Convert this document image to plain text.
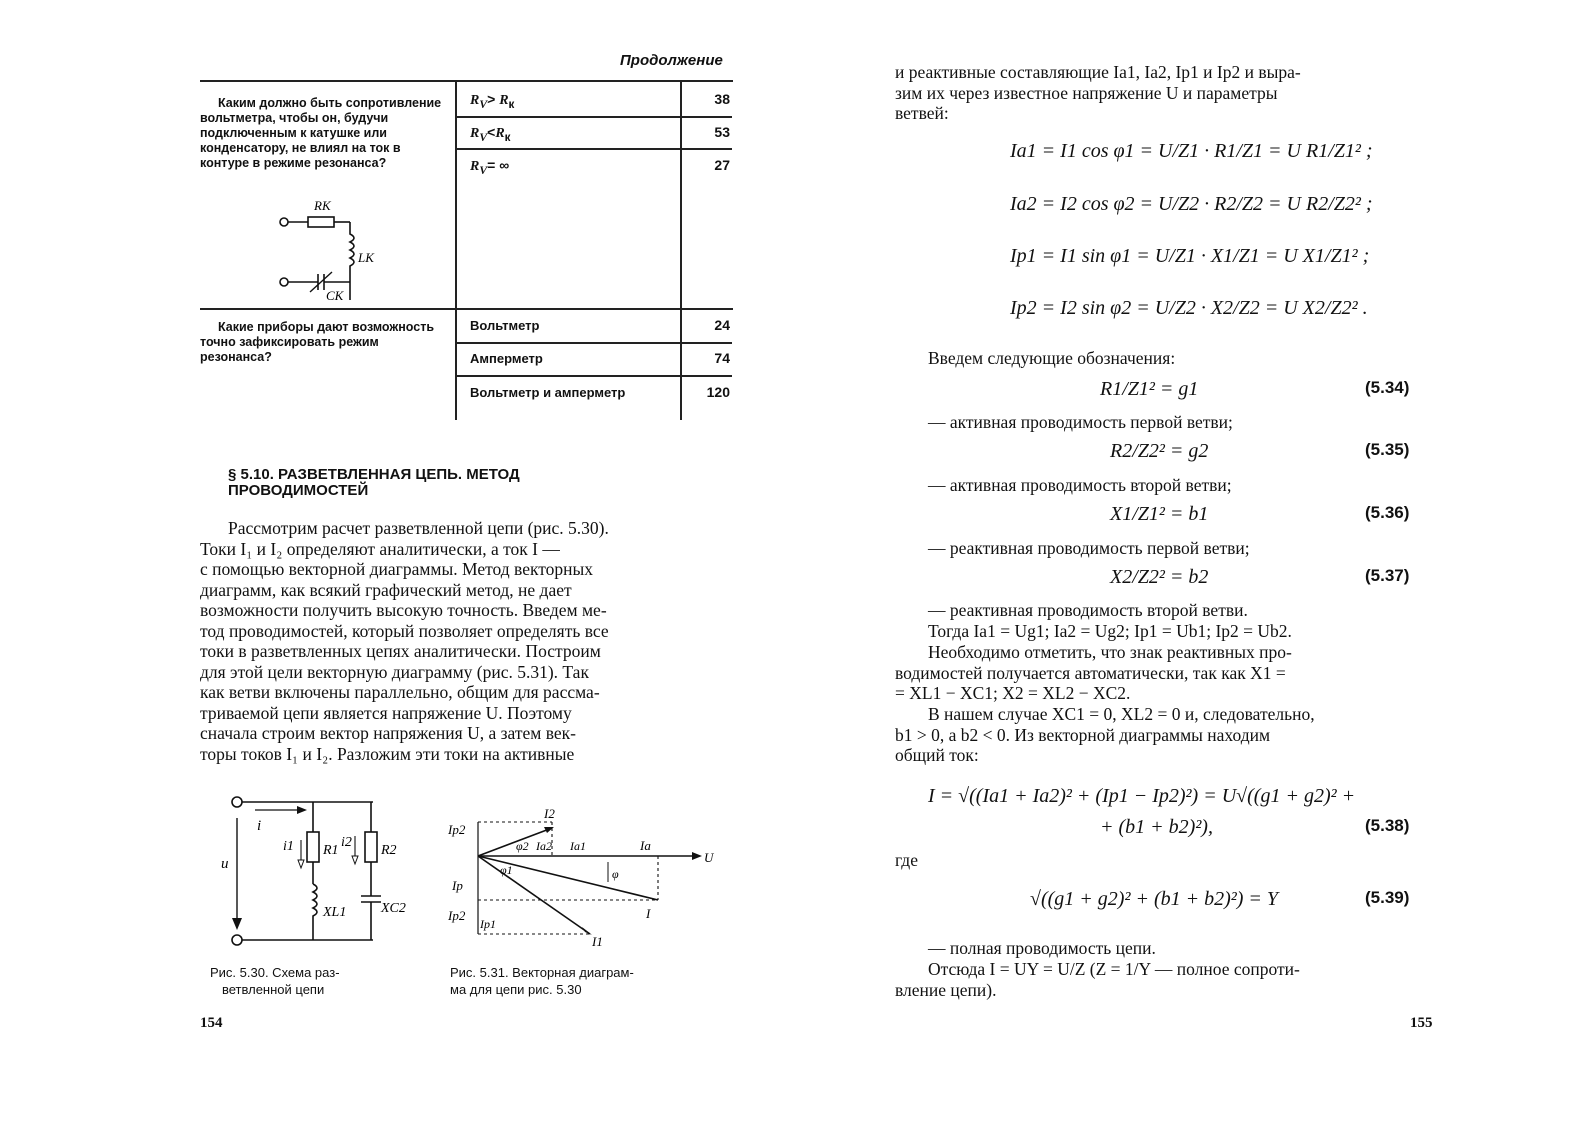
Продолжение
Каким должно быть сопротивление вольтметра, чтобы он, будучи подключенным к катушке или конденсатору, не влиял на ток в контуре в режиме резонанса?
$R_V> R_к$	38
$R_V<R_к$	53
$R_V=$ ∞	27
RK
LK
CK
Какие приборы дают возможность точно зафиксировать режим резонанса?
Вольтметр	24
Амперметр	74
Вольтметр и амперметр	120
§ 5.10. РАЗВЕТВЛЕННАЯ ЦЕПЬ. МЕТОД
ПРОВОДИМОСТЕЙ
Рассмотрим расчет разветвленной цепи (рис. 5.30).
Токи I₁ и I₂ определяют аналитически, а ток I —
с помощью векторной диаграммы. Метод векторных
диаграмм, как всякий графический метод, не дает
возможности получить высокую точность. Введем ме-
тод проводимостей, который позволяет определять все
токи в разветвленных цепях аналитически. Построим
для этой цели векторную диаграмму (рис. 5.31). Так
как ветви включены параллельно, общим для рассма-
триваемой цепи является напряжение U. Поэтому
сначала строим вектор напряжения U, а затем век-
торы токов I₁ и I₂. Разложим эти токи на активные
i
u
i1 R1
i2
R2
XL1 XC2
Рис. 5.30. Схема раз-
ветвленной цепи
I2
Ip2
φ2 Ia2 Ia1	Ia
U
φ1	φ
Ip
Ip2
Ip1
I
I1
Рис. 5.31. Векторная диаграм-
ма для цепи рис. 5.30
154
и реактивные составляющие Ia1, Ia2, Ip1 и Ip2 и выра-
зим их через известное напряжение U и параметры
ветвей:
Ia1 = I1 cos φ1 = U/Z1 · R1/Z1 = U R1/Z1² ;
Ia2 = I2 cos φ2 = U/Z2 · R2/Z2 = U R2/Z2² ;
Ip1 = I1 sin φ1 = U/Z1 · X1/Z1 = U X1/Z1² ;
Ip2 = I2 sin φ2 = U/Z2 · X2/Z2 = U X2/Z2² .
Введем следующие обозначения:
R1/Z1² = g1	(5.34)
— активная проводимость первой ветви;
R2/Z2² = g2	(5.35)
— активная проводимость второй ветви;
X1/Z1² = b1	(5.36)
— реактивная проводимость первой ветви;
X2/Z2² = b2	(5.37)
— реактивная проводимость второй ветви.
Тогда Ia1 = Ug1; Ia2 = Ug2; Ip1 = Ub1; Ip2 = Ub2.
Необходимо отметить, что знак реактивных про-
водимостей получается автоматически, так как X1 =
= XL1 − XC1; X2 = XL2 − XC2.
В нашем случае XC1 = 0, XL2 = 0 и, следовательно,
b1 > 0, a b2 < 0. Из векторной диаграммы находим
общий ток:
I = √((Ia1 + Ia2)² + (Ip1 − Ip2)²) = U√((g1 + g2)² +
+ (b1 + b2)²),	(5.38)
где
√((g1 + g2)² + (b1 + b2)²) = Y	(5.39)
— полная проводимость цепи.
Отсюда I = UY = U/Z (Z = 1/Y — полное сопроти-
вление цепи).
155
